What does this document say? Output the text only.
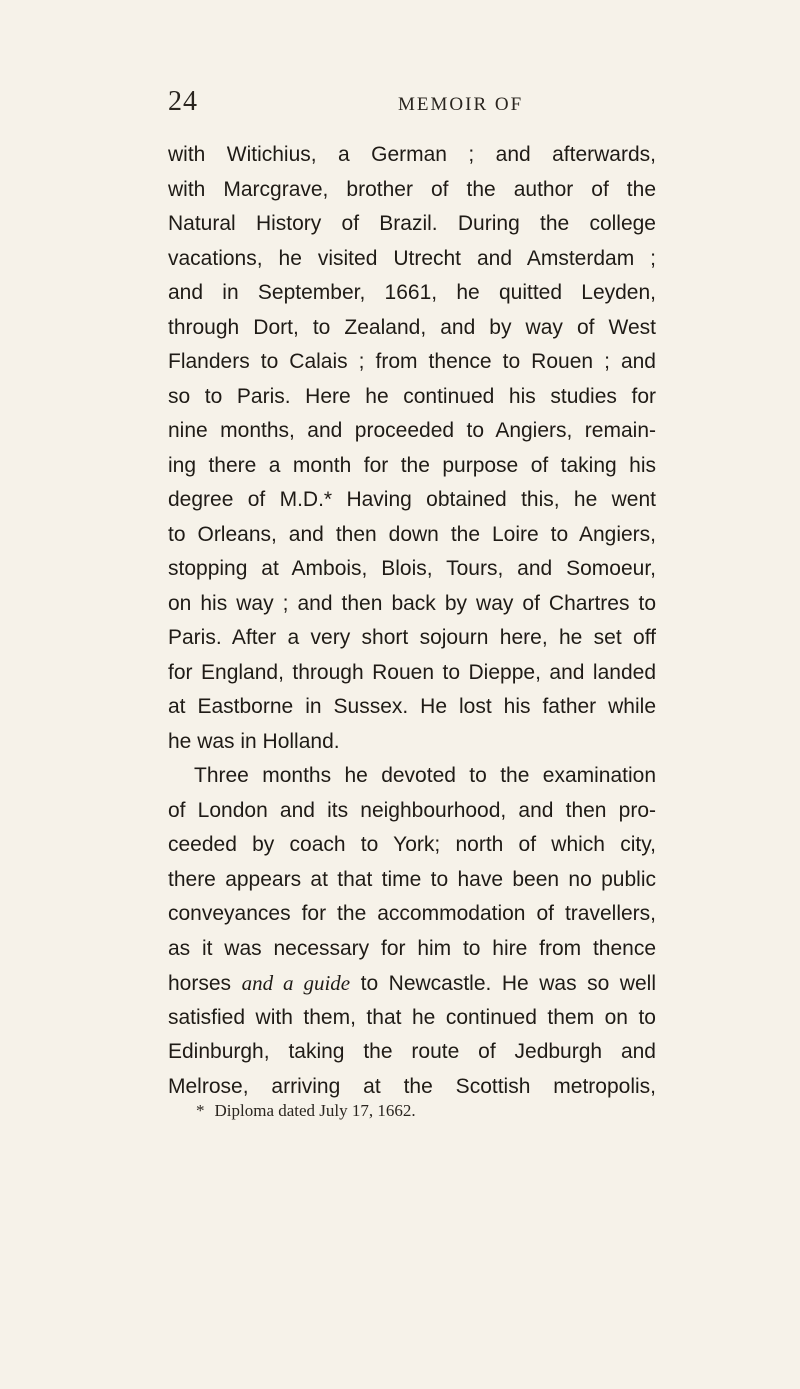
24	MEMOIR OF
with Witichius, a German ; and afterwards,
with Marcgrave, brother of the author of the
Natural History of Brazil. During the college
vacations, he visited Utrecht and Amsterdam ;
and in September, 1661, he quitted Leyden,
through Dort, to Zealand, and by way of West
Flanders to Calais ; from thence to Rouen ; and
so to Paris. Here he continued his studies for
nine months, and proceeded to Angiers, remain-
ing there a month for the purpose of taking his
degree of M.D.* Having obtained this, he went
to Orleans, and then down the Loire to Angiers,
stopping at Ambois, Blois, Tours, and Somoeur,
on his way ; and then back by way of Chartres to
Paris. After a very short sojourn here, he set off
for England, through Rouen to Dieppe, and landed
at Eastborne in Sussex. He lost his father while
he was in Holland.
Three months he devoted to the examination
of London and its neighbourhood, and then pro-
ceeded by coach to York; north of which city,
there appears at that time to have been no public
conveyances for the accommodation of travellers,
as it was necessary for him to hire from thence
horses and a guide to Newcastle. He was so well
satisfied with them, that he continued them on to
Edinburgh, taking the route of Jedburgh and
Melrose, arriving at the Scottish metropolis,
* Diploma dated July 17, 1662.
